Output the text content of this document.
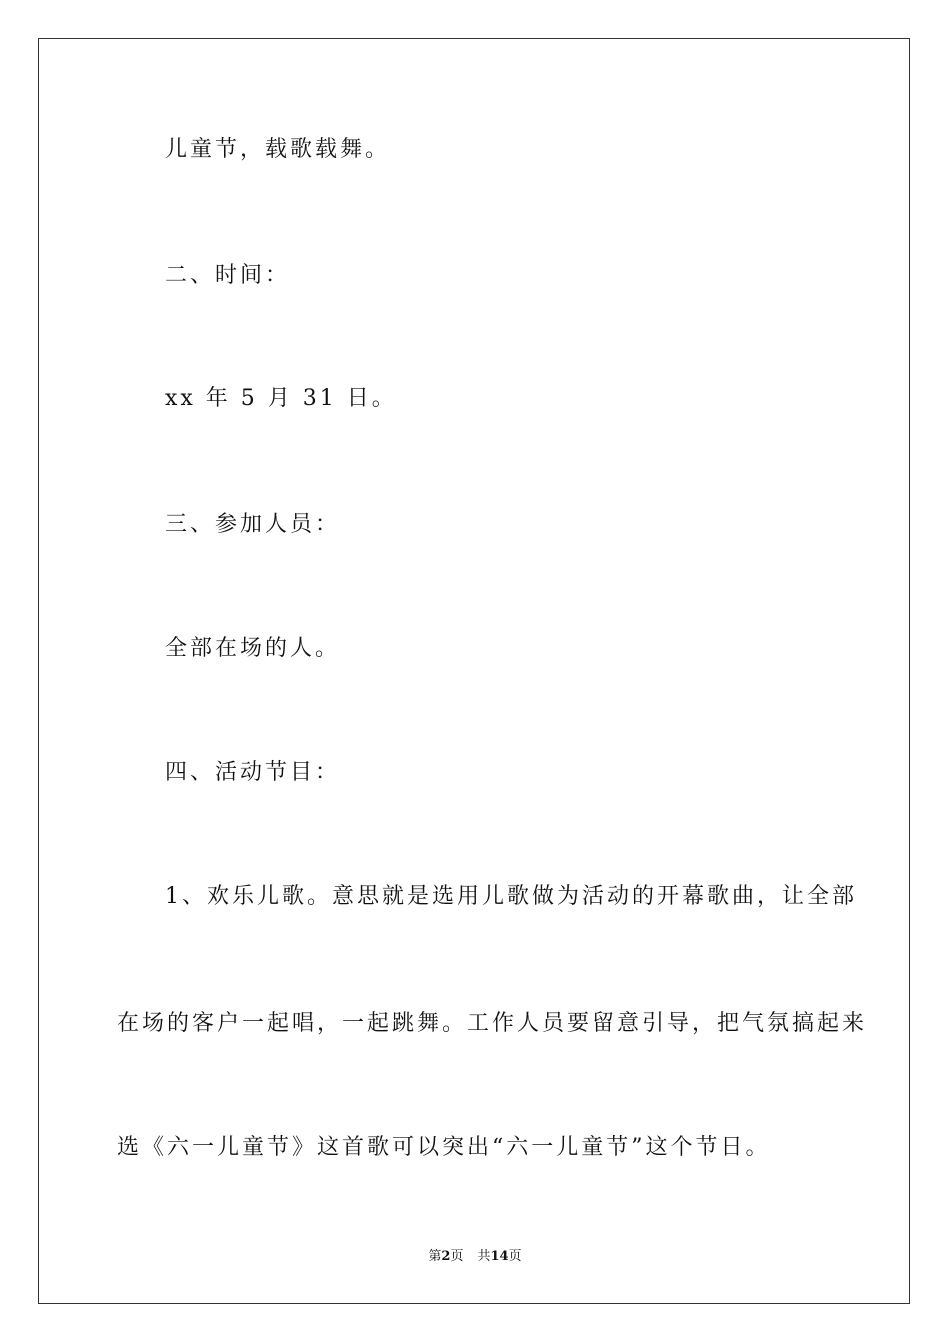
儿童节，载歌载舞。
二、时间：
xx 年 5 月 31 日。
三、参加人员：
全部在场的人。
四、活动节目：
1、欢乐儿歌。意思就是选用儿歌做为活动的开幕歌曲，让全部
在场的客户一起唱，一起跳舞。工作人员要留意引导，把气氛搞起来
选《六一儿童节》这首歌可以突出“六一儿童节”这个节日。
第2页 共14页
